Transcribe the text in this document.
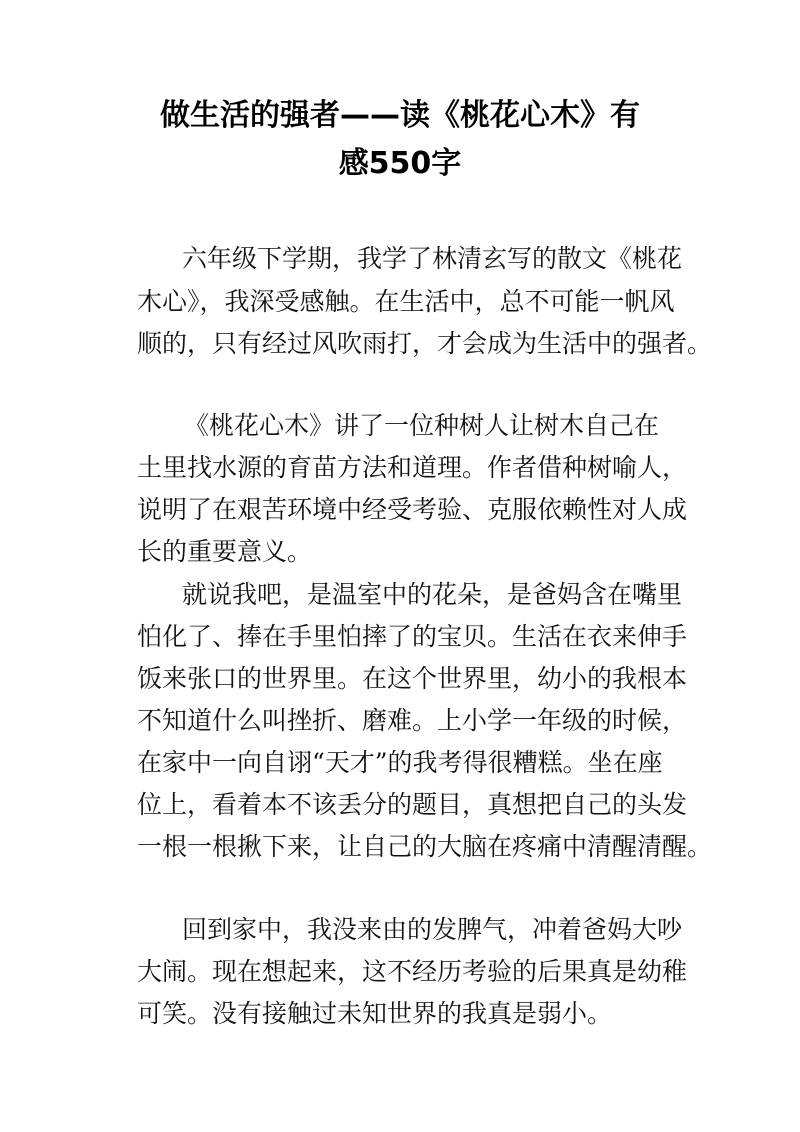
做生活的强者——读《桃花心木》有
感550字

六年级下学期，我学了林清玄写的散文《桃花

木心》，我深受感触。在生活中，总不可能一帆风

顺的，只有经过风吹雨打，才会成为生活中的强者。

《桃花心木》讲了一位种树人让树木自己在

土里找水源的育苗方法和道理。作者借种树喻人，

说明了在艰苦环境中经受考验、克服依赖性对人成

长的重要意义。

就说我吧，是温室中的花朵，是爸妈含在嘴里

怕化了、捧在手里怕摔了的宝贝。生活在衣来伸手

饭来张口的世界里。在这个世界里，幼小的我根本

不知道什么叫挫折、磨难。上小学一年级的时候，

在家中一向自诩“天才”的我考得很糟糕。坐在座

位上，看着本不该丢分的题目，真想把自己的头发

一根一根揪下来，让自己的大脑在疼痛中清醒清醒。

回到家中，我没来由的发脾气，冲着爸妈大吵

大闹。现在想起来，这不经历考验的后果真是幼稚

可笑。没有接触过未知世界的我真是弱小。
